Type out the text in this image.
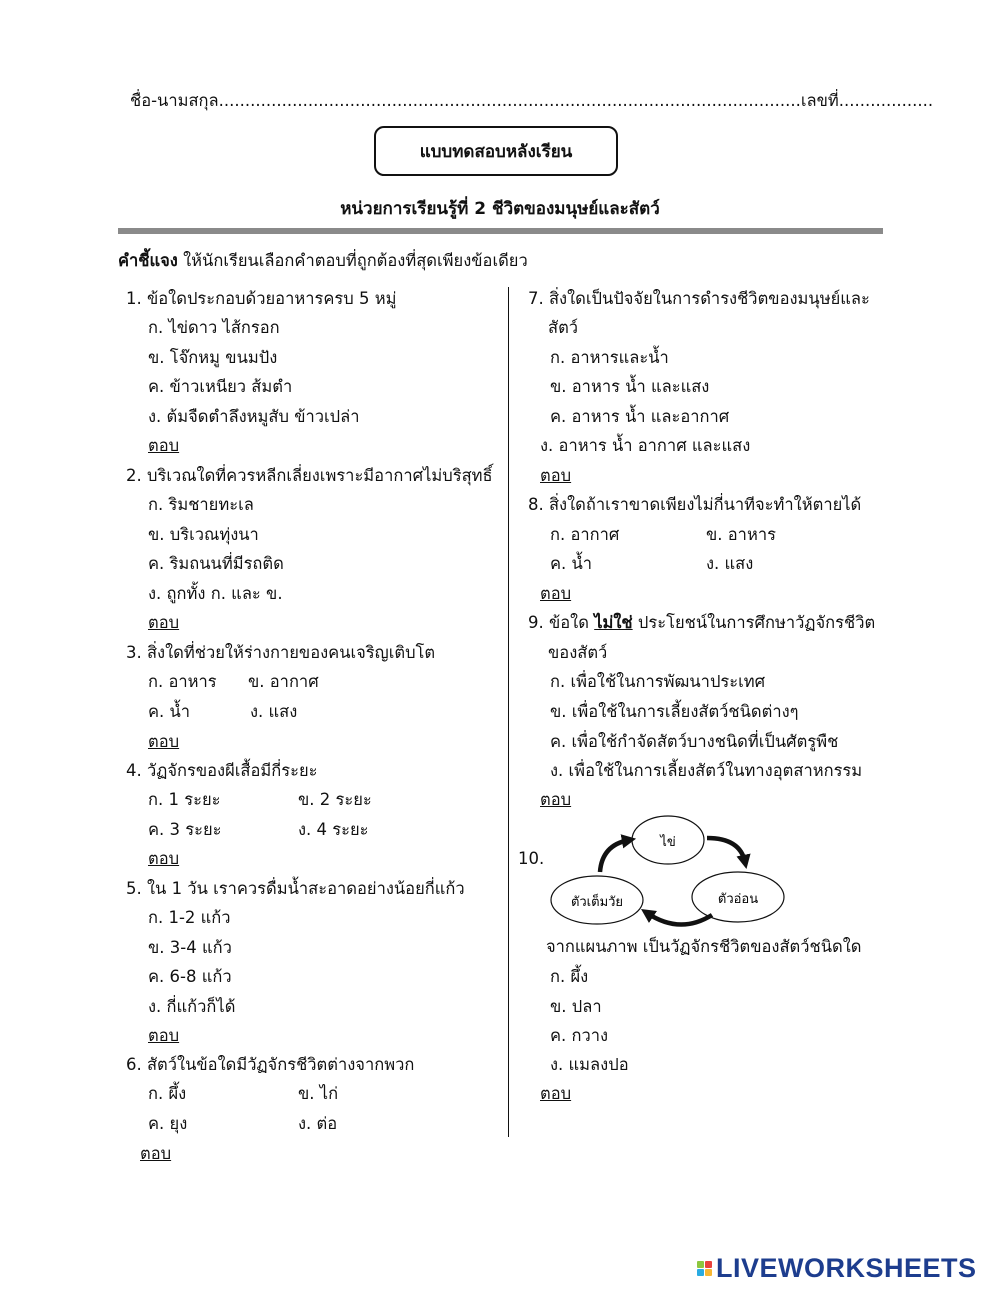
ชื่อ-นามสกุล...............................................................................................................เลขที่..................
แบบทดสอบหลังเรียน
หน่วยการเรียนรู้ที่ 2 ชีวิตของมนุษย์และสัตว์
คำชี้แจง ให้นักเรียนเลือกคำตอบที่ถูกต้องที่สุดเพียงข้อเดียว
1. ข้อใดประกอบด้วยอาหารครบ 5 หมู่
ก. ไข่ดาว ไส้กรอก
ข. โจ๊กหมู ขนมปัง
ค. ข้าวเหนียว ส้มตำ
ง. ต้มจืดตำลึงหมูสับ ข้าวเปล่า
ตอบ
2. บริเวณใดที่ควรหลีกเลี่ยงเพราะมีอากาศไม่บริสุทธิ์
ก. ริมชายทะเล
ข. บริเวณทุ่งนา
ค. ริมถนนที่มีรถติด
ง. ถูกทั้ง ก. และ ข.
ตอบ
3. สิ่งใดที่ช่วยให้ร่างกายของคนเจริญเติบโต
ก. อาหาร ข. อากาศ
ค. น้ำ	ง. แสง
ตอบ
4. วัฏจักรของผีเสื้อมีกี่ระยะ
ก. 1 ระยะ	ข. 2 ระยะ
ค. 3 ระยะ	ง. 4 ระยะ
ตอบ
5. ใน 1 วัน เราควรดื่มน้ำสะอาดอย่างน้อยกี่แก้ว
ก. 1-2 แก้ว
ข. 3-4 แก้ว
ค. 6-8 แก้ว
ง. กี่แก้วก็ได้
ตอบ
6. สัตว์ในข้อใดมีวัฏจักรชีวิตต่างจากพวก
ก. ผึ้ง	ข. ไก่
ค. ยุง	ง. ต่อ
ตอบ
7. สิ่งใดเป็นปัจจัยในการดำรงชีวิตของมนุษย์และ
สัตว์
ก. อาหารและน้ำ
ข. อาหาร น้ำ และแสง
ค. อาหาร น้ำ และอากาศ
ง. อาหาร น้ำ อากาศ และแสง
ตอบ
8. สิ่งใดถ้าเราขาดเพียงไม่กี่นาทีจะทำให้ตายได้
ก. อากาศ	ข. อาหาร
ค. น้ำ	ง. แสง
ตอบ
9. ข้อใด ไม่ใช่ ประโยชน์ในการศึกษาวัฏจักรชีวิต
ของสัตว์
ก. เพื่อใช้ในการพัฒนาประเทศ
ข. เพื่อใช้ในการเลี้ยงสัตว์ชนิดต่างๆ
ค. เพื่อใช้กำจัดสัตว์บางชนิดที่เป็นศัตรูพืช
ง. เพื่อใช้ในการเลี้ยงสัตว์ในทางอุตสาหกรรม
ตอบ
10.
ไข่
ตัวอ่อน
ตัวเต็มวัย
จากแผนภาพ เป็นวัฏจักรชีวิตของสัตว์ชนิดใด
ก. ผึ้ง
ข. ปลา
ค. กวาง
ง. แมลงปอ
ตอบ
LIVEWORKSHEETS
